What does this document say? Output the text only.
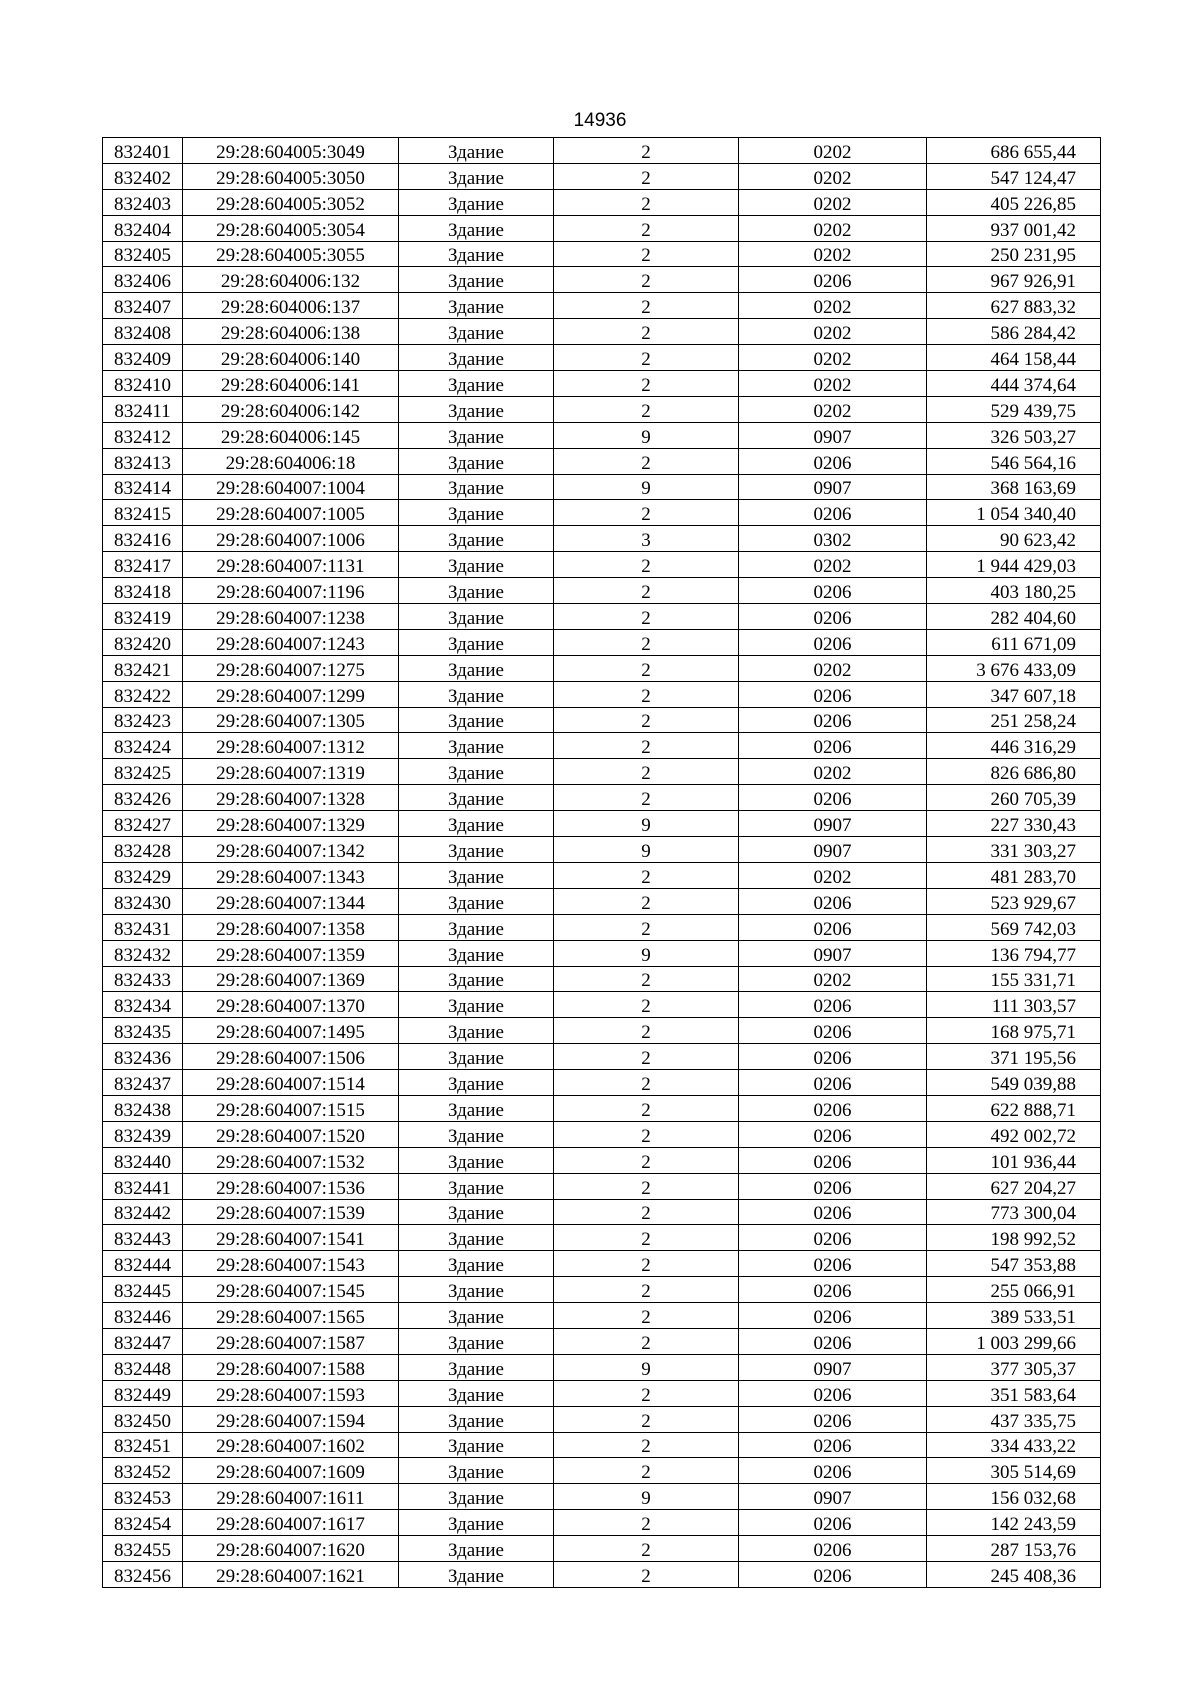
14936
832401	29:28:604005:3049	Здание	2	0202	686 655,44
832402	29:28:604005:3050	Здание	2	0202	547 124,47
832403	29:28:604005:3052	Здание	2	0202	405 226,85
832404	29:28:604005:3054	Здание	2	0202	937 001,42
832405	29:28:604005:3055	Здание	2	0202	250 231,95
832406	29:28:604006:132	Здание	2	0206	967 926,91
832407	29:28:604006:137	Здание	2	0202	627 883,32
832408	29:28:604006:138	Здание	2	0202	586 284,42
832409	29:28:604006:140	Здание	2	0202	464 158,44
832410	29:28:604006:141	Здание	2	0202	444 374,64
832411	29:28:604006:142	Здание	2	0202	529 439,75
832412	29:28:604006:145	Здание	9	0907	326 503,27
832413	29:28:604006:18	Здание	2	0206	546 564,16
832414	29:28:604007:1004	Здание	9	0907	368 163,69
832415	29:28:604007:1005	Здание	2	0206	1 054 340,40
832416	29:28:604007:1006	Здание	3	0302	90 623,42
832417	29:28:604007:1131	Здание	2	0202	1 944 429,03
832418	29:28:604007:1196	Здание	2	0206	403 180,25
832419	29:28:604007:1238	Здание	2	0206	282 404,60
832420	29:28:604007:1243	Здание	2	0206	611 671,09
832421	29:28:604007:1275	Здание	2	0202	3 676 433,09
832422	29:28:604007:1299	Здание	2	0206	347 607,18
832423	29:28:604007:1305	Здание	2	0206	251 258,24
832424	29:28:604007:1312	Здание	2	0206	446 316,29
832425	29:28:604007:1319	Здание	2	0202	826 686,80
832426	29:28:604007:1328	Здание	2	0206	260 705,39
832427	29:28:604007:1329	Здание	9	0907	227 330,43
832428	29:28:604007:1342	Здание	9	0907	331 303,27
832429	29:28:604007:1343	Здание	2	0202	481 283,70
832430	29:28:604007:1344	Здание	2	0206	523 929,67
832431	29:28:604007:1358	Здание	2	0206	569 742,03
832432	29:28:604007:1359	Здание	9	0907	136 794,77
832433	29:28:604007:1369	Здание	2	0202	155 331,71
832434	29:28:604007:1370	Здание	2	0206	111 303,57
832435	29:28:604007:1495	Здание	2	0206	168 975,71
832436	29:28:604007:1506	Здание	2	0206	371 195,56
832437	29:28:604007:1514	Здание	2	0206	549 039,88
832438	29:28:604007:1515	Здание	2	0206	622 888,71
832439	29:28:604007:1520	Здание	2	0206	492 002,72
832440	29:28:604007:1532	Здание	2	0206	101 936,44
832441	29:28:604007:1536	Здание	2	0206	627 204,27
832442	29:28:604007:1539	Здание	2	0206	773 300,04
832443	29:28:604007:1541	Здание	2	0206	198 992,52
832444	29:28:604007:1543	Здание	2	0206	547 353,88
832445	29:28:604007:1545	Здание	2	0206	255 066,91
832446	29:28:604007:1565	Здание	2	0206	389 533,51
832447	29:28:604007:1587	Здание	2	0206	1 003 299,66
832448	29:28:604007:1588	Здание	9	0907	377 305,37
832449	29:28:604007:1593	Здание	2	0206	351 583,64
832450	29:28:604007:1594	Здание	2	0206	437 335,75
832451	29:28:604007:1602	Здание	2	0206	334 433,22
832452	29:28:604007:1609	Здание	2	0206	305 514,69
832453	29:28:604007:1611	Здание	9	0907	156 032,68
832454	29:28:604007:1617	Здание	2	0206	142 243,59
832455	29:28:604007:1620	Здание	2	0206	287 153,76
832456	29:28:604007:1621	Здание	2	0206	245 408,36
